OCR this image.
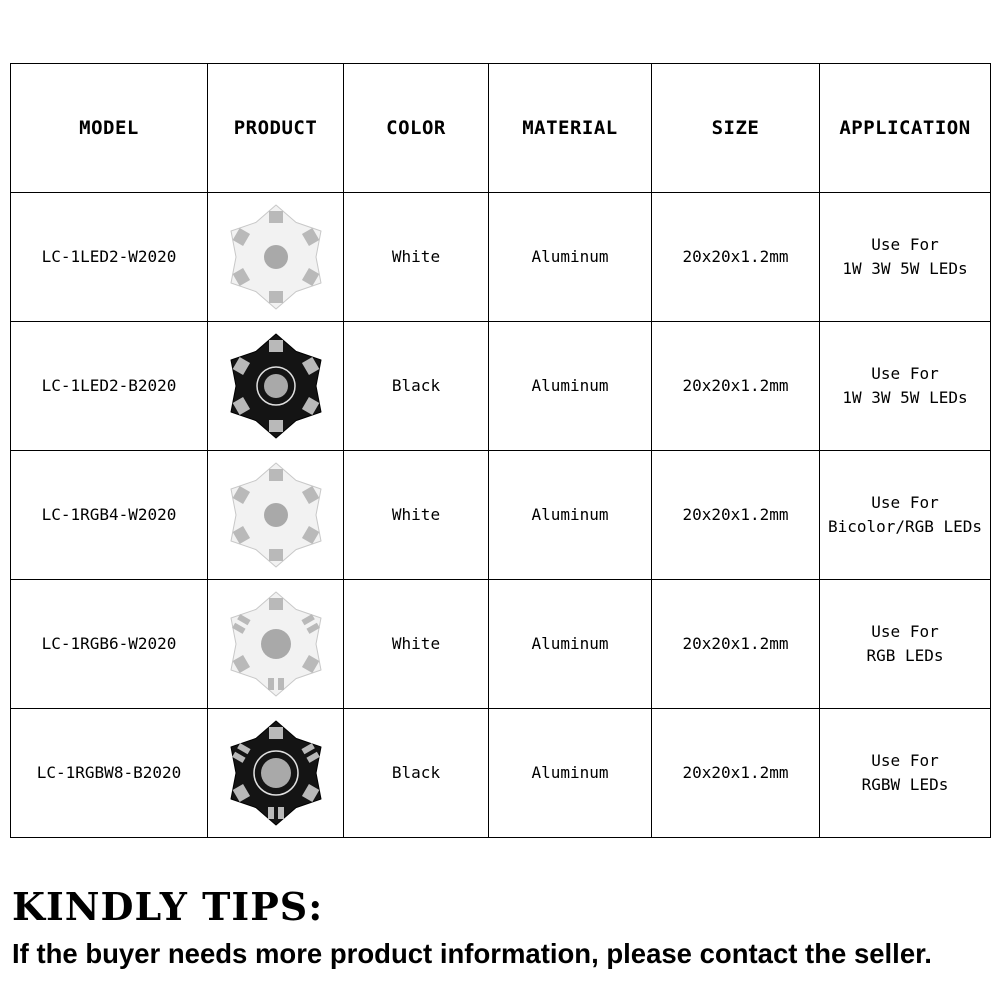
MODEL	PRODUCT	COLOR	MATERIAL	SIZE	APPLICATION
LC-1LED2-W2020		White	Aluminum	20x20x1.2mm	Use For
1W 3W 5W LEDs

LC-1LED2-B2020		Black	Aluminum	20x20x1.2mm	Use For
1W 3W 5W LEDs

LC-1RGB4-W2020		White	Aluminum	20x20x1.2mm	Use For
Bicolor/RGB LEDs

LC-1RGB6-W2020		White	Aluminum	20x20x1.2mm	Use For
RGB LEDs

LC-1RGBW8-B2020		Black	Aluminum	20x20x1.2mm	Use For
RGBW LEDs
KINDLY TIPS:

If the buyer needs more product information, please contact the seller.
